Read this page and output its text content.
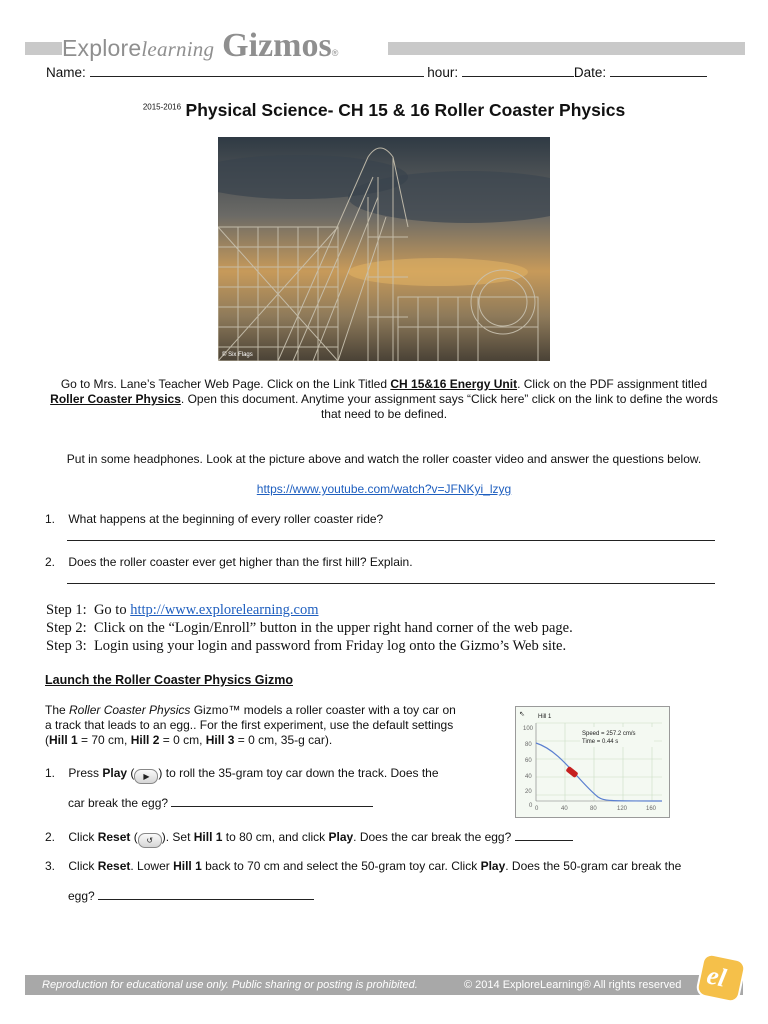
Explore learning Gizmos ®
Name:	hour:	Date:
$^{2015-2016}$ Physical Science- CH 15 & 16 Roller Coaster Physics
© Six Flags
Go to Mrs. Lane’s Teacher Web Page. Click on the Link Titled CH 15&16 Energy Unit. Click on the PDF assignment titled Roller Coaster Physics. Open this document. Anytime your assignment says “Click here” click on the link to define the words that need to be defined.
Put in some headphones. Look at the picture above and watch the roller coaster video and answer the questions below.
https://www.youtube.com/watch?v=JFNKyi_lzyg
1. What happens at the beginning of every roller coaster ride?
2. Does the roller coaster ever get higher than the first hill? Explain.
Step 1: Go to http://www.explorelearning.com
Step 2: Click on the “Login/Enroll” button in the upper right hand corner of the web page.
Step 3: Login using your login and password from Friday log onto the Gizmo’s Web site.
Launch the Roller Coaster Physics Gizmo
The Roller Coaster Physics Gizmo™ models a roller coaster with a toy car on a track that leads to an egg.. For the first experiment, use the default settings (Hill 1 = 70 cm, Hill 2 = 0 cm, Hill 3 = 0 cm, 35-g car).
⇖ Hill 1
100
80
60
40
20
0 0	40	80	120	160
Speed = 257.2 cm/s
Time = 0.44 s
1. Press Play ( ▶ ) to roll the 35-gram toy car down the track. Does the
car break the egg?
2. Click Reset ( ↺ ). Set Hill 1 to 80 cm, and click Play. Does the car break the egg?
3. Click Reset. Lower Hill 1 back to 70 cm and select the 50-gram toy car. Click Play. Does the 50-gram car break the
egg?
Reproduction for educational use only. Public sharing or posting is prohibited.	© 2014 ExploreLearning® All rights reserved el
